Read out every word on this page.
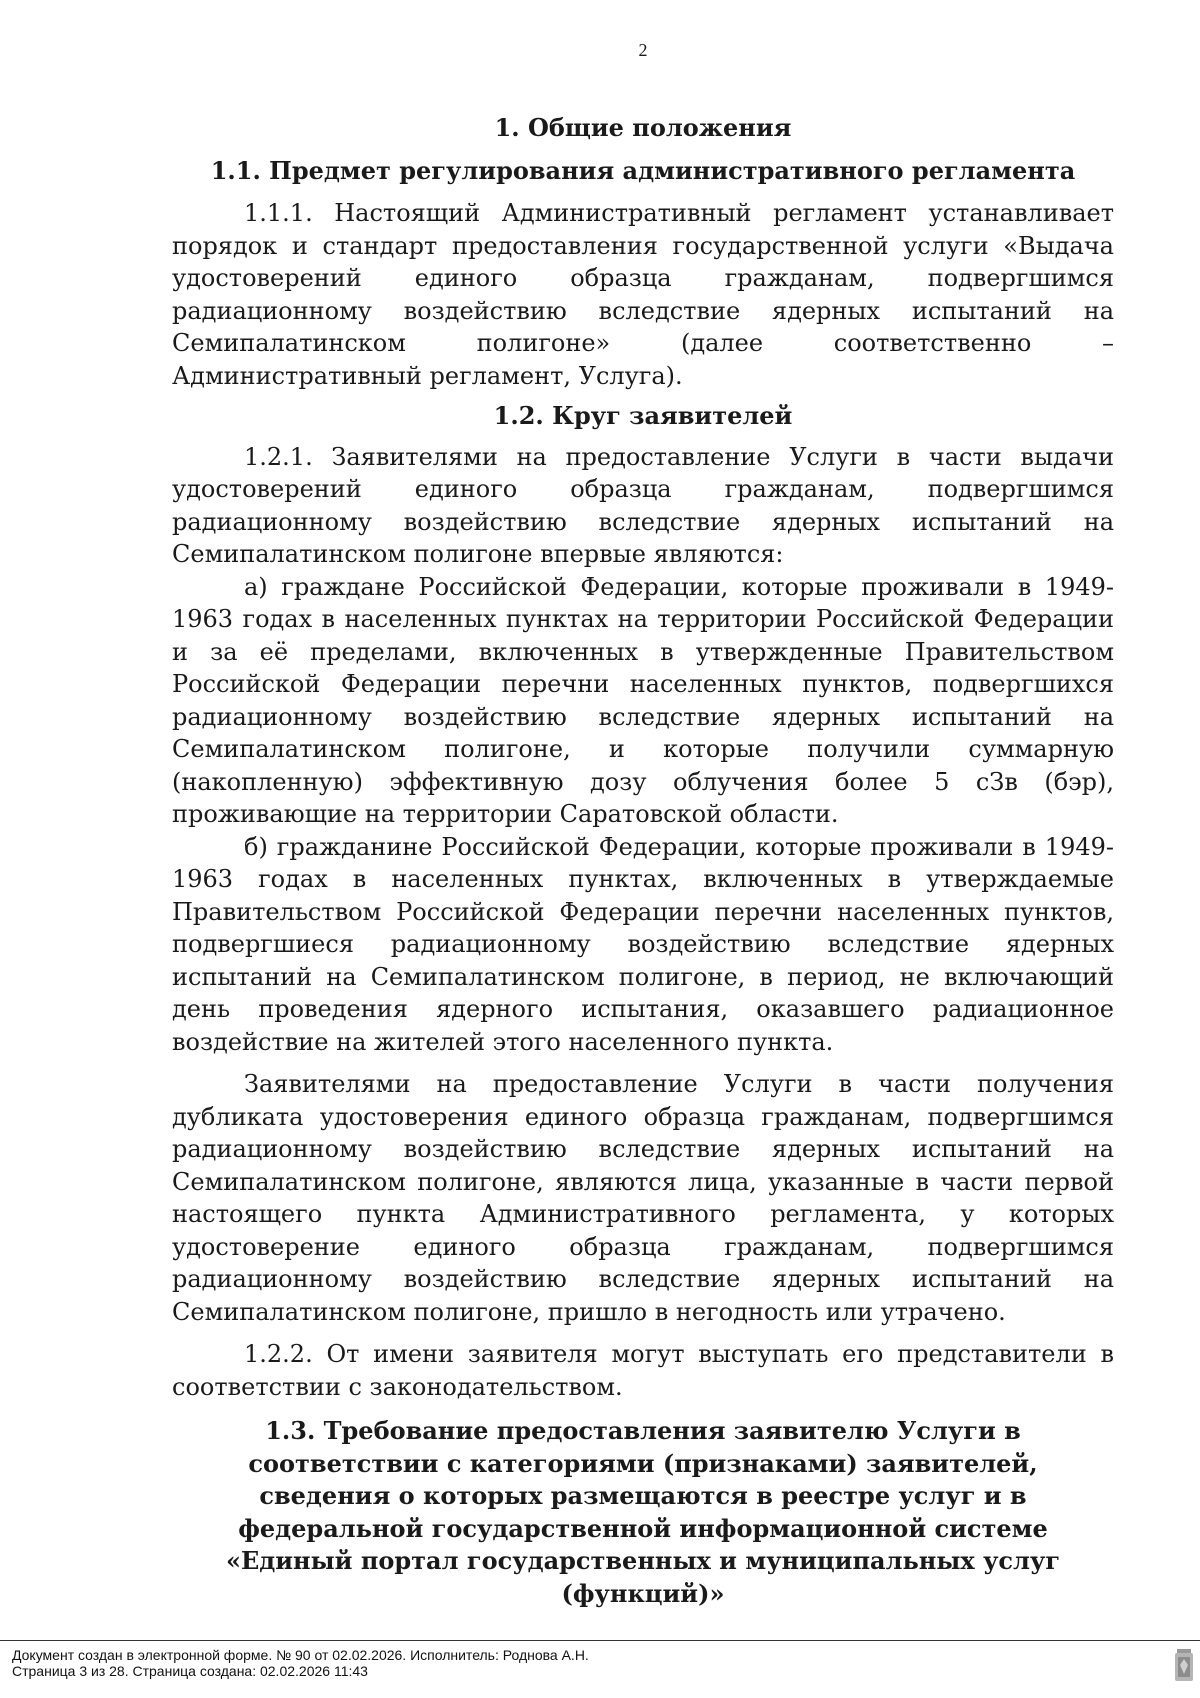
2

1. Общие положения

1.1. Предмет регулирования административного регламента

1.1.1. Настоящий Административный регламент устанавливает порядок и стандарт предоставления государственной услуги «Выдача удостоверений единого образца гражданам, подвергшимся радиационному воздействию вследствие ядерных испытаний на Семипалатинском полигоне» (далее соответственно – Административный регламент, Услуга).

1.2. Круг заявителей

1.2.1. Заявителями на предоставление Услуги в части выдачи удостоверений единого образца гражданам, подвергшимся радиационному воздействию вследствие ядерных испытаний на Семипалатинском полигоне впервые являются:

а) граждане Российской Федерации, которые проживали в 1949-1963 годах в населенных пунктах на территории Российской Федерации и за её пределами, включенных в утвержденные Правительством Российской Федерации перечни населенных пунктов, подвергшихся радиационному воздействию вследствие ядерных испытаний на Семипалатинском полигоне, и которые получили суммарную (накопленную) эффективную дозу облучения более 5 сЗв (бэр), проживающие на территории Саратовской области.

б) гражданине Российской Федерации, которые проживали в 1949-1963 годах в населенных пунктах, включенных в утверждаемые Правительством Российской Федерации перечни населенных пунктов, подвергшиеся радиационному воздействию вследствие ядерных испытаний на Семипалатинском полигоне, в период, не включающий день проведения ядерного испытания, оказавшего радиационное воздействие на жителей этого населенного пункта.

Заявителями на предоставление Услуги в части получения дубликата удостоверения единого образца гражданам, подвергшимся радиационному воздействию вследствие ядерных испытаний на Семипалатинском полигоне, являются лица, указанные в части первой настоящего пункта Административного регламента, у которых удостоверение единого образца гражданам, подвергшимся радиационному воздействию вследствие ядерных испытаний на Семипалатинском полигоне, пришло в негодность или утрачено.

1.2.2. От имени заявителя могут выступать его представители в соответствии с законодательством.

1.3. Требование предоставления заявителю Услуги в соответствии с категориями (признаками) заявителей, сведения о которых размещаются в реестре услуг и в федеральной государственной информационной системе «Единый портал государственных и муниципальных услуг (функций)»

Документ создан в электронной форме. № 90 от 02.02.2026. Исполнитель: Роднова А.Н.
Страница 3 из 28. Страница создана: 02.02.2026 11:43
